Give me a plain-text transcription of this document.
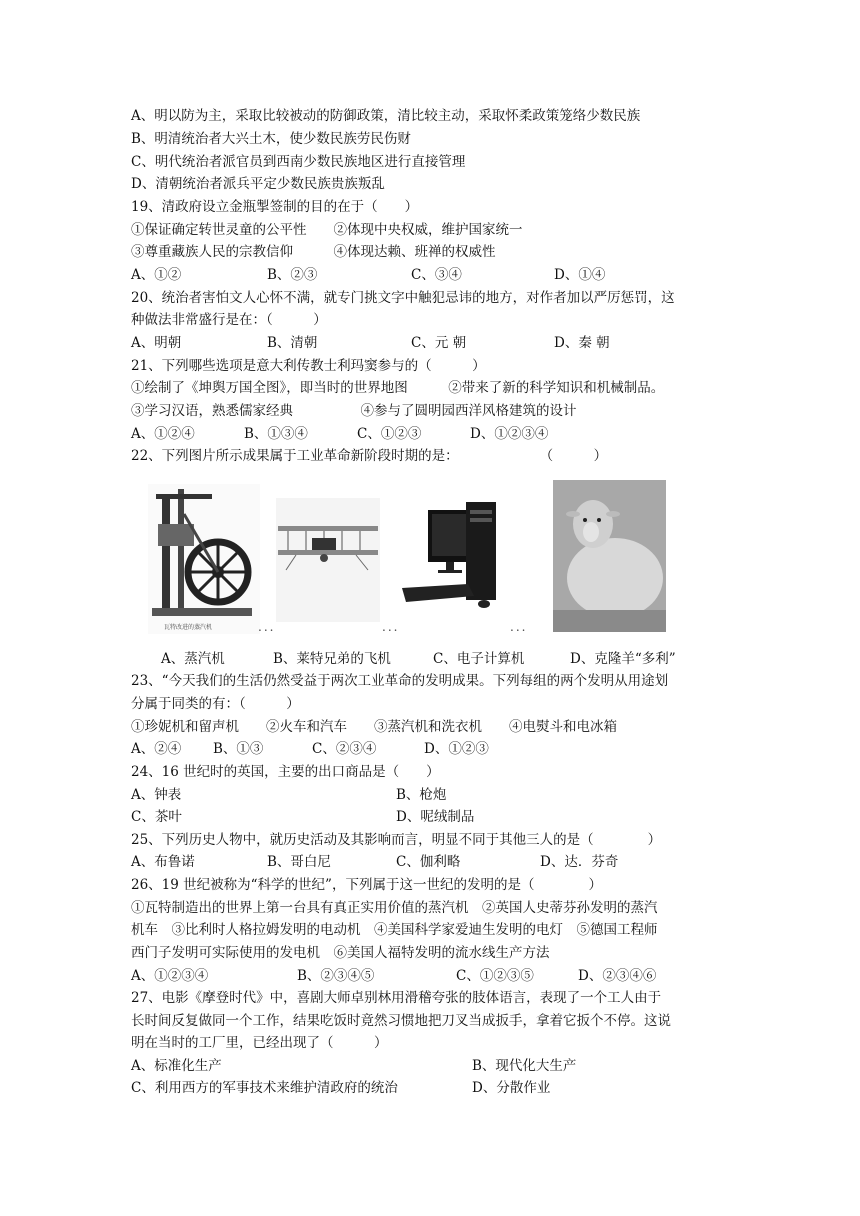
A、明以防为主，采取比较被动的防御政策，清比较主动，采取怀柔政策笼络少数民族
B、明清统治者大兴土木，使少数民族劳民伤财
C、明代统治者派官员到西南少数民族地区进行直接管理
D、清朝统治者派兵平定少数民族贵族叛乱
19、清政府设立金瓶掣签制的目的在于（　　）
①保证确定转世灵童的公平性　　②体现中央权威，维护国家统一
③尊重藏族人民的宗教信仰　　　④体现达赖、班禅的权威性
A、①②	B、②③	C、③④	D、①④
20、统治者害怕文人心怀不满，就专门挑文字中触犯忌讳的地方，对作者加以严厉惩罚，这
种做法非常盛行是在：（　　　）
A、明朝	B、清朝	C、元 朝	D、秦 朝
21、下列哪些选项是意大利传教士利玛窦参与的（　　　）
①绘制了《坤舆万国全图》，即当时的世界地图　　　②带来了新的科学知识和机械制品。
③学习汉语，熟悉儒家经典　　　　　④参与了圆明园西洋风格建筑的设计
A、①②④	B、①③④	C、①②③	D、①②③④
22、下列图片所示成果属于工业革命新阶段时期的是：　　　　　　　（　　　）
瓦特改进的蒸汽机	...	...	...
A、蒸汽机	B、莱特兄弟的飞机	C、电子计算机	D、克隆羊“多利”
23、“今天我们的生活仍然受益于两次工业革命的发明成果。下列每组的两个发明从用途划
分属于同类的有：（　　　）
①珍妮机和留声机　　②火车和汽车　　③蒸汽机和洗衣机　　④电熨斗和电冰箱
A、②④ B、①③	C、②③④	D、①②③
24、16 世纪时的英国，主要的出口商品是（　　）
A、钟表	B、枪炮
C、茶叶	D、呢绒制品
25、下列历史人物中，就历史活动及其影响而言，明显不同于其他三人的是（　　　　）
A、布鲁诺	B、哥白尼	C、伽利略	D、达．芬奇
26、19 世纪被称为“科学的世纪”，下列属于这一世纪的发明的是（　　　　）
①瓦特制造出的世界上第一台具有真正实用价值的蒸汽机　②英国人史蒂芬孙发明的蒸汽
机车　③比利时人格拉姆发明的电动机　④美国科学家爱迪生发明的电灯　⑤德国工程师
西门子发明可实际使用的发电机　⑥美国人福特发明的流水线生产方法
A、①②③④	B、②③④⑤	C、①②③⑤	D、②③④⑥
27、电影《摩登时代》中，喜剧大师卓别林用滑稽夸张的肢体语言，表现了一个工人由于
长时间反复做同一个工作，结果吃饭时竟然习惯地把刀叉当成扳手，拿着它扳个不停。这说
明在当时的工厂里，已经出现了（　　　）
A、标准化生产	B、现代化大生产
C、利用西方的军事技术来维护清政府的统治	D、分散作业
